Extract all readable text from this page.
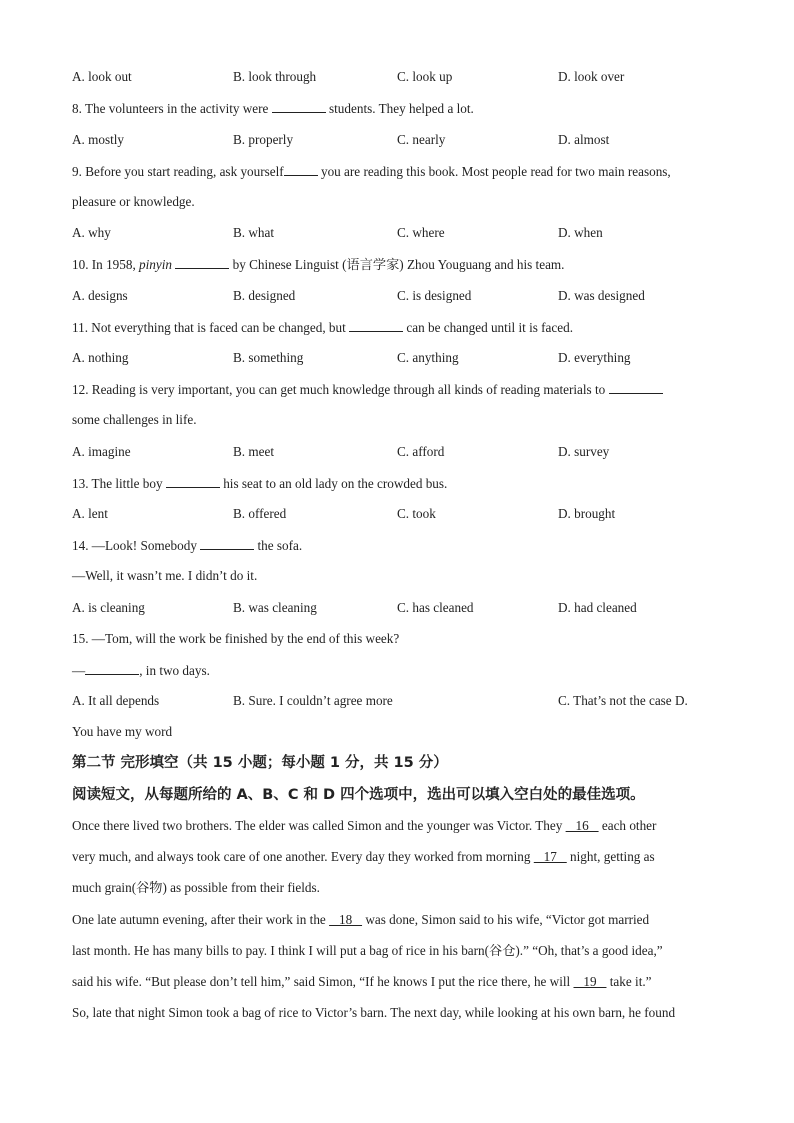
A. look out	B. look through	C. look up	D. look over
8. The volunteers in the activity were	students. They helped a lot.
A. mostly	B. properly	C. nearly	D. almost
9. Before you start reading, ask yourself	you are reading this book. Most people read for two main reasons,
pleasure or knowledge.
A. why	B. what	C. where	D. when
10. In 1958, pinyin	by Chinese Linguist (语言学家) Zhou Youguang and his team.
A. designs	B. designed	C. is designed	D. was designed
11. Not everything that is faced can be changed, but	can be changed until it is faced.
A. nothing	B. something	C. anything	D. everything
12. Reading is very important, you can get much knowledge through all kinds of reading materials to
some challenges in life.
A. imagine	B. meet	C. afford	D. survey
13. The little boy	his seat to an old lady on the crowded bus.
A. lent	B. offered	C. took	D. brought
14. —Look! Somebody	the sofa.
—Well, it wasn’t me. I didn’t do it.
A. is cleaning	B. was cleaning	C. has cleaned	D. had cleaned
15. —Tom, will the work be finished by the end of this week?
—	, in two days.
A. It all depends	B. Sure. I couldn’t agree more	C. That’s not the case D.
You have my word
第二节 完形填空（共 15 小题；每小题 1 分，共 15 分）
阅读短文，从每题所给的 A、B、C 和 D 四个选项中，选出可以填入空白处的最佳选项。
Once there lived two brothers. The elder was called Simon and the younger was Victor. They    16    each other
very much, and always took care of one another. Every day they worked from morning    17    night, getting as
much grain(谷物) as possible from their fields.
One late autumn evening, after their work in the    18    was done, Simon said to his wife, “Victor got married
last month. He has many bills to pay. I think I will put a bag of rice in his barn(谷仓).” “Oh, that’s a good idea,”
said his wife. “But please don’t tell him,” said Simon, “If he knows I put the rice there, he will    19    take it.”
So, late that night Simon took a bag of rice to Victor’s barn. The next day, while looking at his own barn, he found
